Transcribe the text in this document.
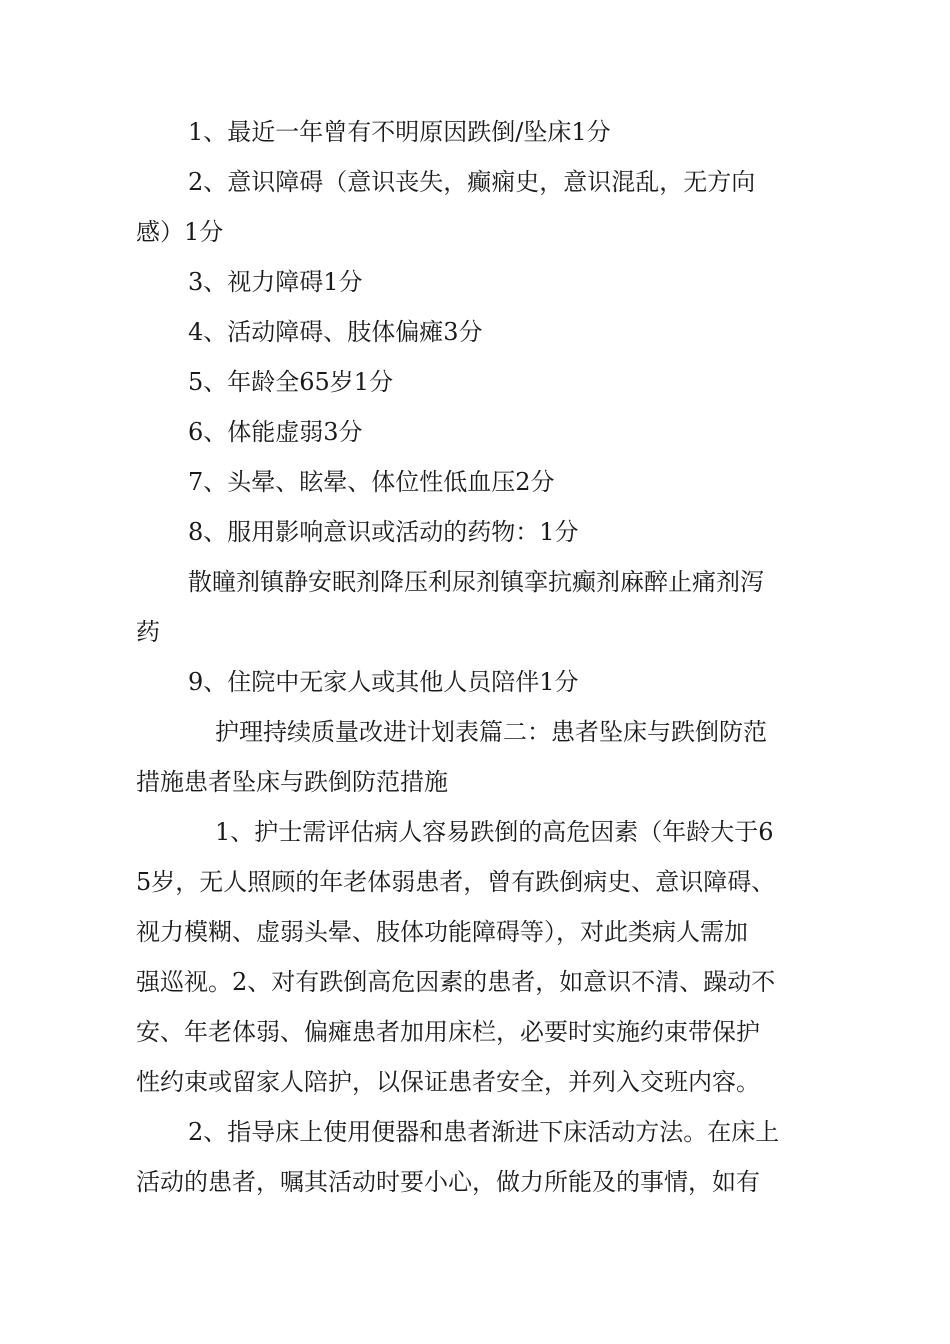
1、最近一年曾有不明原因跌倒/坠床1分
2、意识障碍（意识丧失，癫痫史，意识混乱，无方向
感）1分
3、视力障碍1分
4、活动障碍、肢体偏瘫3分
5、年龄全65岁1分
6、体能虚弱3分
7、头晕、眩晕、体位性低血压2分
8、服用影响意识或活动的药物：1分
散瞳剂镇静安眠剂降压利尿剂镇挛抗癫剂麻醉止痛剂泻
药
9、住院中无家人或其他人员陪伴1分
护理持续质量改进计划表篇二：患者坠床与跌倒防范
措施患者坠床与跌倒防范措施
1、护士需评估病人容易跌倒的高危因素（年龄大于6
5岁，无人照顾的年老体弱患者，曾有跌倒病史、意识障碍、
视力模糊、虚弱头晕、肢体功能障碍等），对此类病人需加
强巡视。2、对有跌倒高危因素的患者，如意识不清、躁动不
安、年老体弱、偏瘫患者加用床栏，必要时实施约束带保护
性约束或留家人陪护，以保证患者安全，并列入交班内容。
2、指导床上使用便器和患者渐进下床活动方法。在床上
活动的患者，嘱其活动时要小心，做力所能及的事情，如有
